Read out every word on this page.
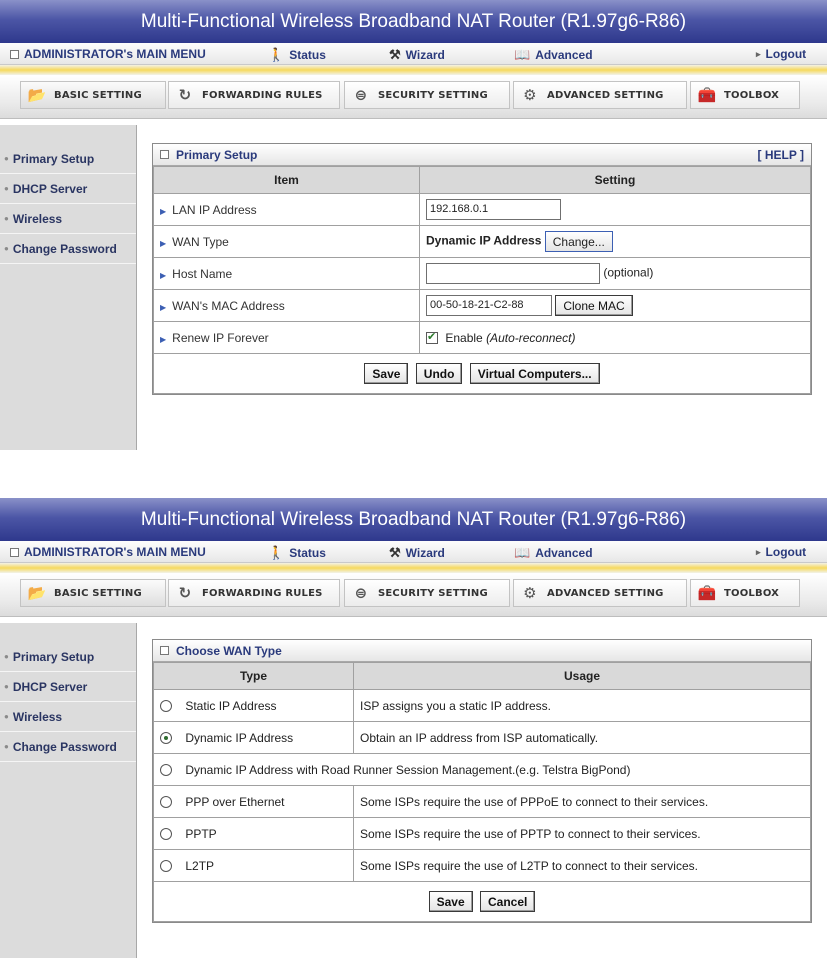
Multi-Functional Wireless Broadband NAT Router (R1.97g6-R86)
ADMINISTRATOR's MAIN MENU	🚶 Status	⚒ Wizard	📖 Advanced	▸ Logout
📂 BASIC SETTING ↻	FORWARDING RULES ⊜	SECURITY SETTING ⚙	ADVANCED SETTING 🧰 TOOLBOX
● Primary Setup
● DHCP Server
● Wireless
● Change Password
Primary Setup	[ HELP ]
Item	Setting
▶ LAN IP Address	192.168.0.1
▶ WAN Type	Dynamic IP Address Change...
▶ Host Name	(optional)
▶ WAN's MAC Address	00-50-18-21-C2-88 Clone MAC
▶ Renew IP Forever	✔Enable (Auto-reconnect)
Save Undo Virtual Computers...	
Multi-Functional Wireless Broadband NAT Router (R1.97g6-R86)
ADMINISTRATOR's MAIN MENU	🚶 Status	⚒ Wizard	📖 Advanced	▸ Logout
📂 BASIC SETTING ↻	FORWARDING RULES ⊜	SECURITY SETTING ⚙	ADVANCED SETTING 🧰 TOOLBOX
● Primary Setup
● DHCP Server
● Wireless
● Change Password
Choose WAN Type
Type	Usage
Static IP Address	ISP assigns you a static IP address.
Dynamic IP Address	Obtain an IP address from ISP automatically.
Dynamic IP Address with Road Runner Session Management.(e.g. Telstra BigPond)	
PPP over Ethernet	Some ISPs require the use of PPPoE to connect to their services.
PPTP	Some ISPs require the use of PPTP to connect to their services.
L2TP	Some ISPs require the use of L2TP to connect to their services.
Save Cancel	
